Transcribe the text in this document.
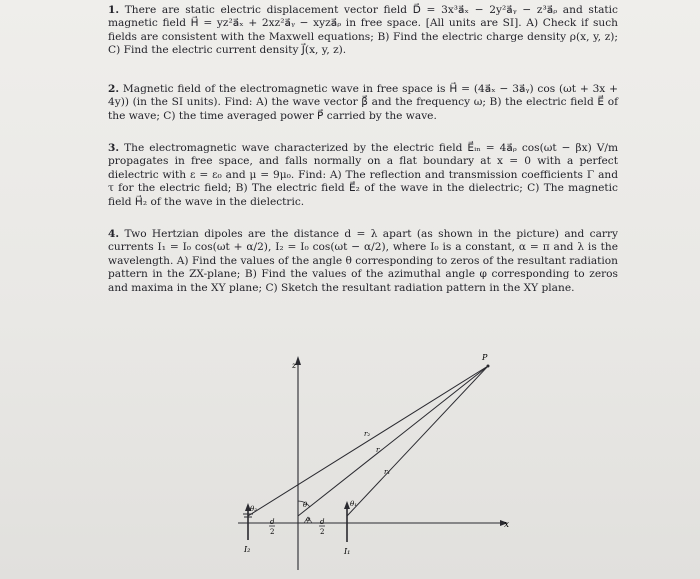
1. There are static electric displacement vector field D⃗ = 3x³a⃗ₓ − 2y²a⃗ᵧ − z³a⃗ᵨ and static magnetic field H⃗ = yz²a⃗ₓ + 2xz²a⃗ᵧ − xyza⃗ᵨ in free space. [All units are SI]. A) Check if such fields are consistent with the Maxwell equations; B) Find the electric charge density ρ(x, y, z); C) Find the electric current density J⃗(x, y, z).

2. Magnetic field of the electromagnetic wave in free space is H⃗ = (4a⃗ₓ − 3a⃗ᵧ) cos (ωt + 3x + 4y)) (in the SI units). Find: A) the wave vector β⃗ and the frequency ω; B) the electric field E⃗ of the wave; C) the time averaged power P⃗ carried by the wave.

3. The electromagnetic wave characterized by the electric field E⃗ᵢₙ = 4a⃗ᵨ cos(ωt − βx) V/m propagates in free space, and falls normally on a flat boundary at x = 0 with a perfect dielectric with ε = ε₀ and μ = 9μ₀. Find: A) The reflection and transmission coefficients Γ and τ for the electric field; B) The electric field E⃗₂ of the wave in the dielectric; C) The magnetic field H⃗₂ of the wave in the dielectric.

4. Two Hertzian dipoles are the distance d = λ apart (as shown in the picture) and carry currents I₁ = I₀ cos(ωt + α/2), I₂ = I₀ cos(ωt − α/2), where I₀ is a constant, α = π and λ is the wavelength. A) Find the values of the angle θ corresponding to zeros of the resultant radiation pattern in the ZX-plane; B) Find the values of the azimuthal angle φ corresponding to zeros and maxima in the XY plane; C) Sketch the resultant radiation pattern in the XY plane.

x
z
θ₂
I₂
θ₁
I₁
d
2
d
2
P
r₂
r
r₁
θ
φ
